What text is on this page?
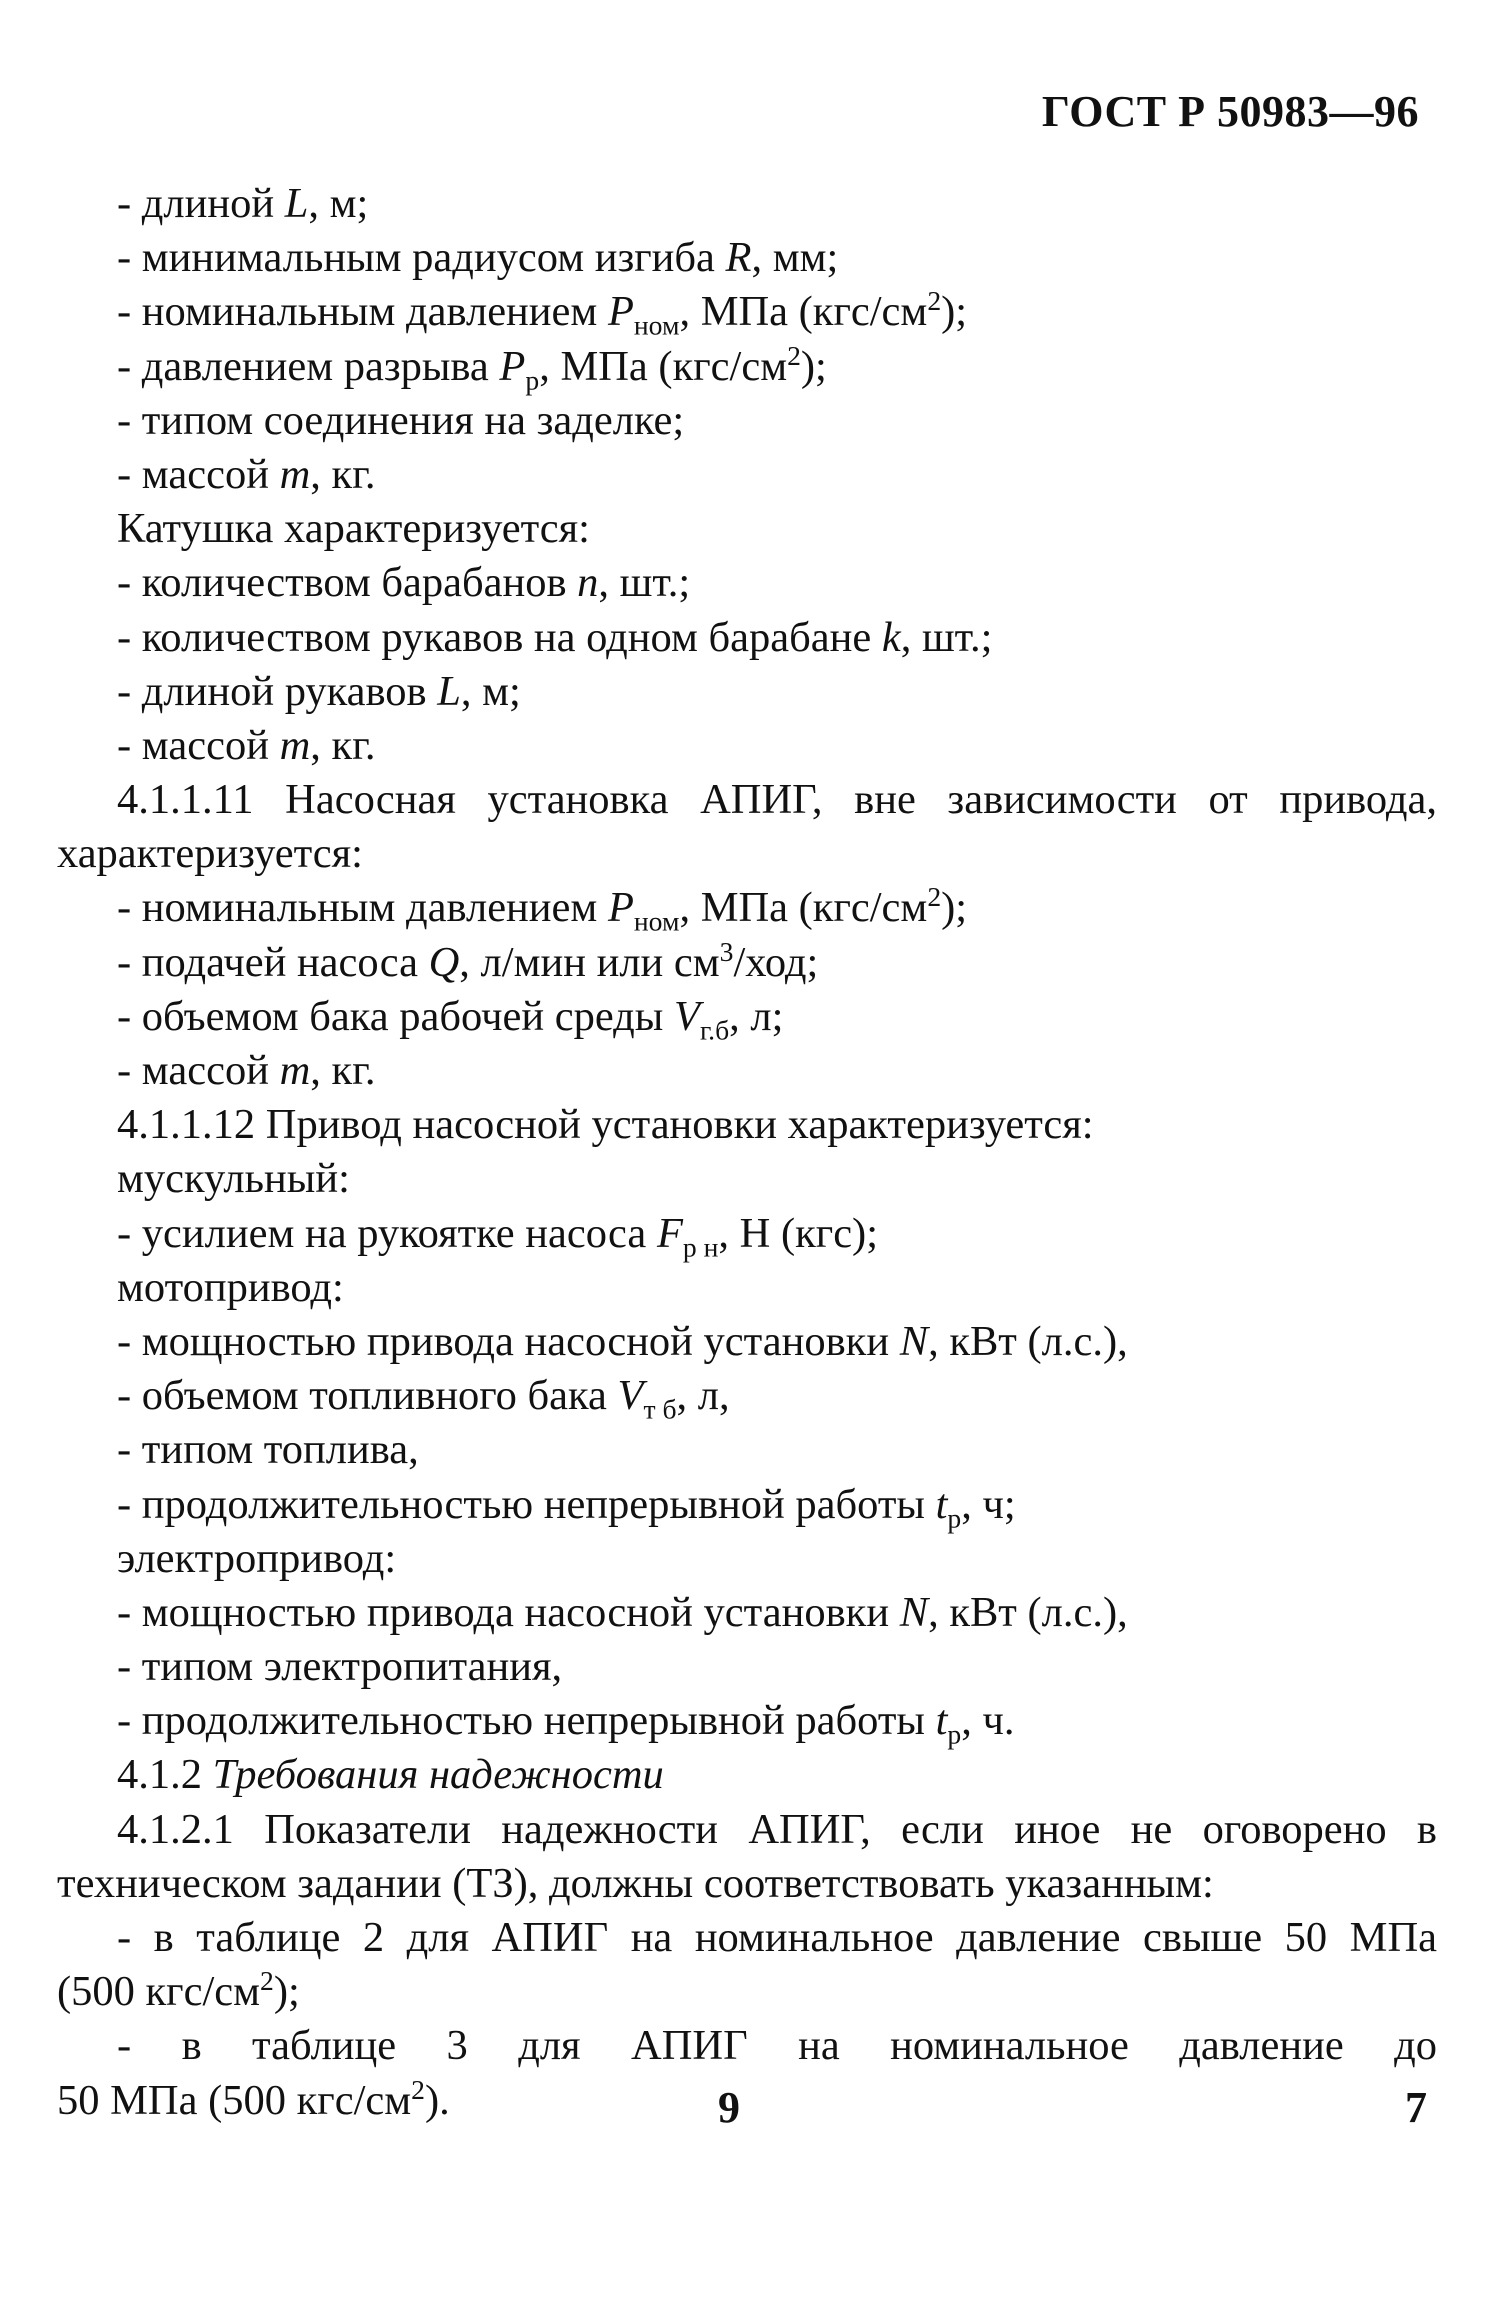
ГОСТ Р 50983—96
- длиной L, м;
- минимальным радиусом изгиба R, мм;
- номинальным давлением $P_{ном}$, МПа $(кгс/см^2)$;
- давлением разрыва $P_р$, МПа $(кгс/см^2)$;
- типом соединения на заделке;
- массой m, кг.
Катушка характеризуется:
- количеством барабанов n, шт.;
- количеством рукавов на одном барабане k, шт.;
- длиной рукавов L, м;
- массой m, кг.
4.1.1.11 Насосная установка АПИГ, вне зависимости от привода,
характеризуется:
- номинальным давлением $P_{ном}$, МПа $(кгс/см^2)$;
- подачей насоса Q, л/мин или $см^3$/ход;
- объемом бака рабочей среды $V_{г.б}$, л;
- массой m, кг.
4.1.1.12 Привод насосной установки характеризуется:
мускульный:
- усилием на рукоятке насоса $F_{р н}$, Н (кгс);
мотопривод:
- мощностью привода насосной установки N, кВт (л.с.),
- объемом топливного бака $V_{т б}$, л,
- типом топлива,
- продолжительностью непрерывной работы $t_р$, ч;
электропривод:
- мощностью привода насосной установки N, кВт (л.с.),
- типом электропитания,
- продолжительностью непрерывной работы $t_р$, ч.
4.1.2 Требования надежности
4.1.2.1 Показатели надежности АПИГ, если иное не оговорено в
техническом задании (ТЗ), должны соответствовать указанным:
- в таблице 2 для АПИГ на номинальное давление свыше 50 МПа
(500 кгс/$см^2$);
- в таблице 3 для АПИГ на номинальное давление до
50 МПа (500 кгс/$см^2$).	9	7
